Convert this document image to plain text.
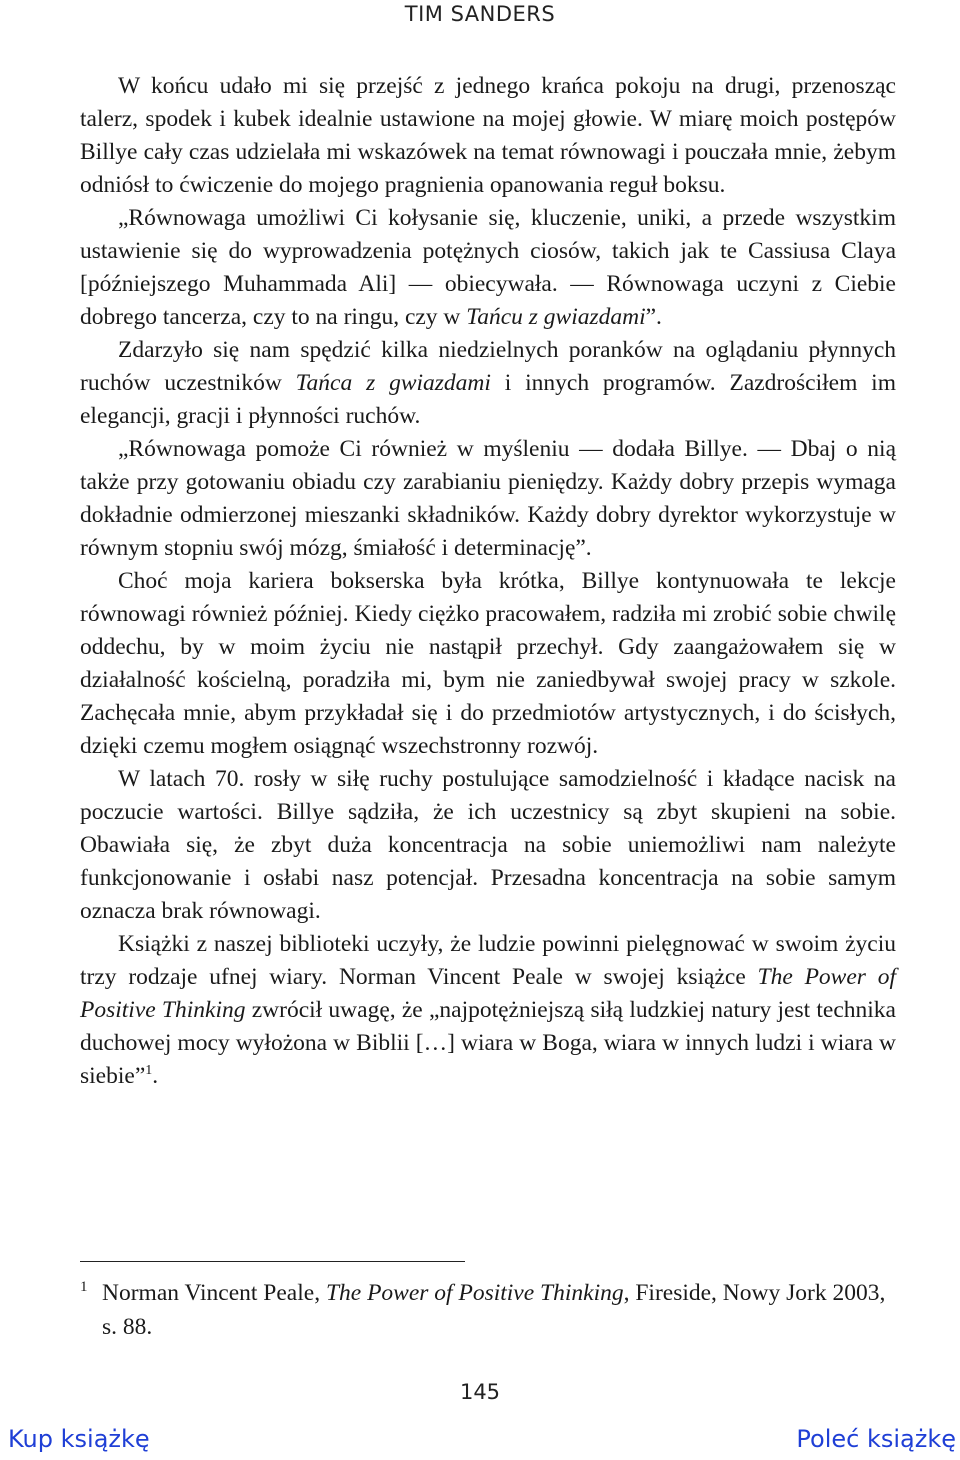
TIM SANDERS

W końcu udało mi się przejść z jednego krańca pokoju na drugi, przenosząc talerz, spodek i kubek idealnie ustawione na mojej głowie. W miarę moich postępów Billye cały czas udzielała mi wskazówek na temat równowagi i pouczała mnie, żebym odniósł to ćwiczenie do mojego pragnienia opanowania reguł boksu.

„Równowaga umożliwi Ci kołysanie się, kluczenie, uniki, a przede wszystkim ustawienie się do wyprowadzenia potężnych ciosów, takich jak te Cassiusa Claya [późniejszego Muhammada Ali] — obiecywała. — Równowaga uczyni z Ciebie dobrego tancerza, czy to na ringu, czy w Tańcu z gwiazdami”.

Zdarzyło się nam spędzić kilka niedzielnych poranków na oglądaniu płynnych ruchów uczestników Tańca z gwiazdami i innych programów. Zazdrościłem im elegancji, gracji i płynności ruchów.

„Równowaga pomoże Ci również w myśleniu — dodała Billye. — Dbaj o nią także przy gotowaniu obiadu czy zarabianiu pieniędzy. Każdy dobry przepis wymaga dokładnie odmierzonej mieszanki składników. Każdy dobry dyrektor wykorzystuje w równym stopniu swój mózg, śmiałość i determinację”.

Choć moja kariera bokserska była krótka, Billye kontynuowała te lekcje równowagi również później. Kiedy ciężko pracowałem, radziła mi zrobić sobie chwilę oddechu, by w moim życiu nie nastąpił przechył. Gdy zaangażowałem się w działalność kościelną, poradziła mi, bym nie zaniedbywał swojej pracy w szkole. Zachęcała mnie, abym przykładał się i do przedmiotów artystycznych, i do ścisłych, dzięki czemu mogłem osiągnąć wszechstronny rozwój.

W latach 70. rosły w siłę ruchy postulujące samodzielność i kładące nacisk na poczucie wartości. Billye sądziła, że ich uczestnicy są zbyt skupieni na sobie. Obawiała się, że zbyt duża koncentracja na sobie uniemożliwi nam należyte funkcjonowanie i osłabi nasz potencjał. Przesadna koncentracja na sobie samym oznacza brak równowagi.

Książki z naszej biblioteki uczyły, że ludzie powinni pielęgnować w swoim życiu trzy rodzaje ufnej wiary. Norman Vincent Peale w swojej książce The Power of Positive Thinking zwrócił uwagę, że „najpotężniejszą siłą ludzkiej natury jest technika duchowej mocy wyłożona w Biblii […] wiara w Boga, wiara w innych ludzi i wiara w siebie”$^1$.

1 Norman Vincent Peale, The Power of Positive Thinking, Fireside, Nowy Jork 2003, s. 88.
145
Kup książkę	Poleć książkę
